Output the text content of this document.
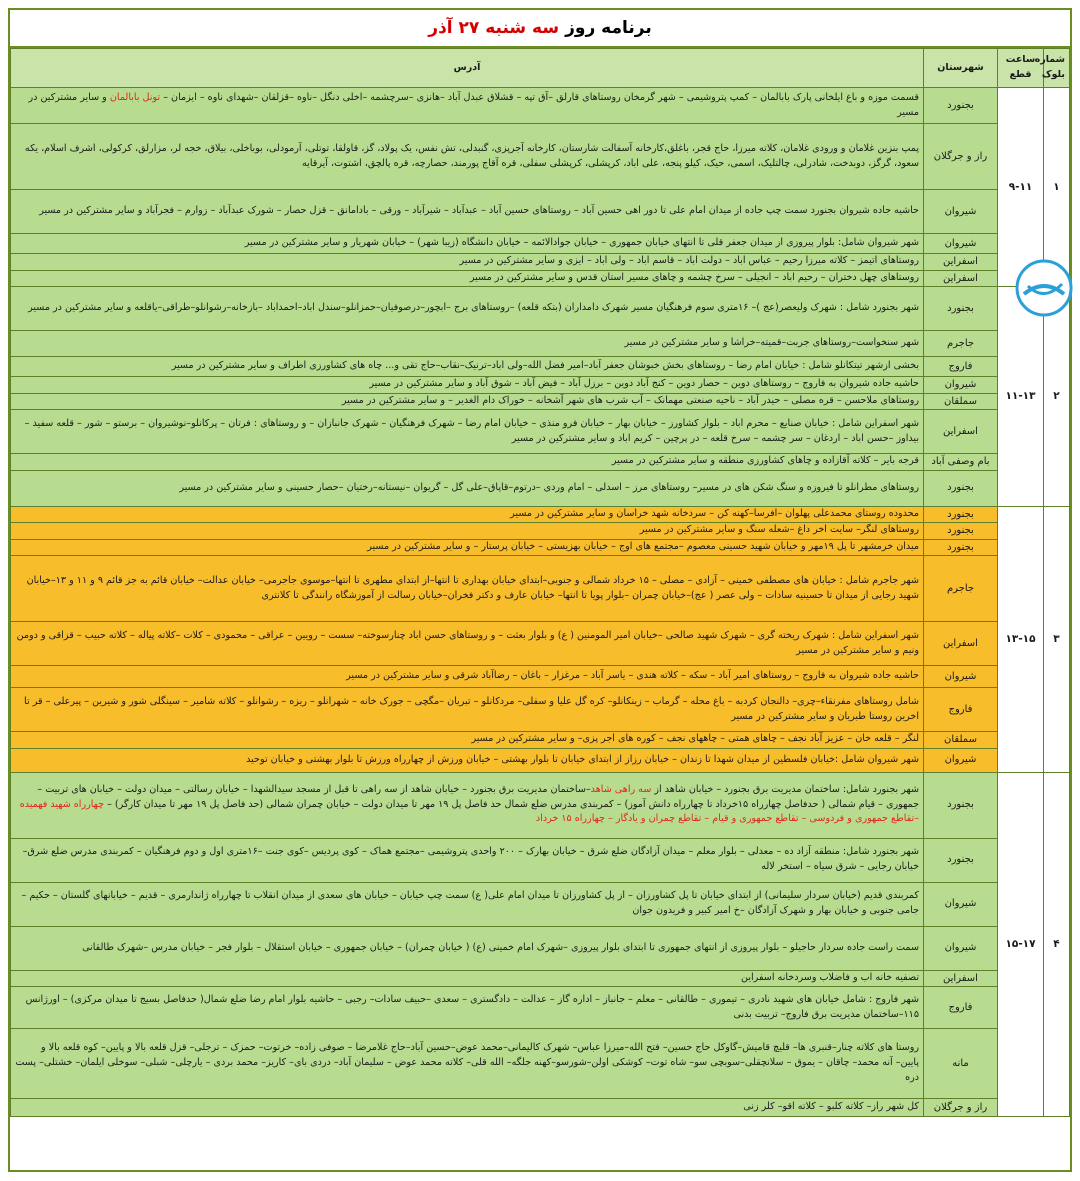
برنامه روز
سه شنبه ۲۷ آذر
شماره بلوک	ساعت قطع	شهرستان	آدرس
۱	۹-۱۱	بجنورد	قسمت موزه و باغ ایلخانی پارک بابالمان – کمپ پتروشیمی – شهر گرمخان روستاهای قارلق –آق تپه – قشلاق عبدل آباد –هانزی –سرچشمه –اخلی دنگل –ناوه –قزلقان –شهدای ناوه – ایزمان – تونل بابالمان و سایر مشترکین در مسیر
		راز و جرگلان	پمپ بنزین غلامان و ورودی غلامان، کلاته میرزا، حاج قجر، باغلق،کارخانه آسفالت شارستان، کارخانه آجرپزی، گنبدلی، تش نفس، یک پولاد، گز، قاولقا، توتلی، آرمودلی، بوباخلی، بیلاق، خجه لر، مزارلق، کرکولی، اشرف اسلام، یکه سعود، گرگز، دوبدخت، شادرلی، چالتلیک، اسمی، حیک، کیلو پنجه، علی اباد، کرپشلی، کرپشلی سفلی، قره آقاج پورمند، حصارچه، قره پالچق، اشتوت، آیرقایه
		شیروان	حاشیه جاده شیروان بجنورد سمت چپ جاده از میدان امام علی تا دور اهی حسین آباد – روستاهای حسین آباد – عبدآباد – شیرآباد – ورقی – بادامانق – قزل حصار – شورک عبدآباد – زوارم – فجرآباد و سایر مشترکین در مسیر
		شیروان	شهر شیروان شامل: بلوار پیروزی از میدان جعفر قلی تا انتهای خیابان جمهوری – خیابان جوادالائمه – خیابان دانشگاه (زیبا شهر) – خیابان شهریار و سایر مشترکین در مسیر
		اسفراین	روستاهای اتیمز – کلاته میرزا رحیم – عباس اباد – دولت اباد – قاسم اباد – ولی اباد – ایزی و سایر مشترکین در مسیر
		اسفراین	روستاهای چهل دختران – رحیم اباد – انجیلی – سرخ چشمه و چاهای مسیر استان قدس و سایر مشترکین در مسیر
۲	۱۱-۱۳	بجنورد	شهر بجنورد شامل : شهرک ولیعصر(عج )– ۱۶متری سوم فرهنگیان مسیر شهرک دامداران (بتکه قلعه) –روستاهای برج –ابچور–درصوفیان–حمزانلو–سندل اباد–احمداباد –بازخانه–رشوانلو–طراقی–یاقلعه و سایر مشترکین در مسیر
		جاجرم	شهر سنخواست–روستاهای جربت–قمیته–خراشا و سایر مشترکین در مسیر
		فاروج	بخشی ازشهر تیتکانلو شامل : خیابان امام رضا – روستاهای بخش خبوشان جعفر آباد–امیر فضل الله–ولی اباد–ترنیک–نقاب–حاج تقی و... چاه های کشاورزی اطراف و سایر مشترکین در مسیر
		شیروان	حاشیه جاده شیروان به فاروج – روستاهای دوین – حصار دوین – کنج آباد دوین – برزل آباد – فیض آباد – شوق آباد و سایر مشترکین در مسیر
		سملقان	روستاهای ملاحسن – قره مصلی – حیدر آباد – ناحیه صنعتی مهمانک – آب شرب های شهر آشخانه – خوراک دام الغدیر – و سایر مشترکین در مسیر
		اسفراین	شهر اسفراین شامل : خیابان صنایع – محرم اباد – بلوار کشاورز – خیابان بهار – خیابان فرو منذی – خیابان امام رضا – شهرک فرهنگیان – شهرک جانبازان – و روستاهای : فرتان – پرکانلو–نوشیروان – برستو – شور – قلعه سفید – بیداوز –حسن اباد – اردغان – سر چشمه – سرخ قلعه – در پرچین – کریم اباد و سایر مشترکین در مسیر
		بام وصفی آباد	قرجه بایر – کلاته آقازاده و چاهای کشاورزی منطقه و سایر مشترکین در مسیر
		بجنورد	روستاهای مطرانلو تا فیروزه و سنگ شکن های در مسیر– روستاهای مرز – اسدلی – امام وردی –درتوم–قاپاق–علی گل – گریوان –نیستانه–رختیان –حصار حسینی و سایر مشترکین در مسیر
۳	۱۳-۱۵	بجنورد	محدوده روستای محمدعلی پهلوان –افرسا–کهنه کن – سردخانه شهد خراسان و سایر مشترکین در مسیر
		بجنورد	روستاهای لنگر– سایت اخر داغ –شعله سنگ و سایر مشترکین در مسیر
		بجنورد	میدان خرمشهر تا پل ۱۹مهر و خیابان شهید حسینی معصوم –مجتمع های اوج – خیابان بهزیستی – خیابان پرستار – و سایر مشترکین در مسیر
		جاجرم	شهر جاجرم شامل : خیابان های مصطفی خمینی – آزادی – مصلی – ۱۵ خرداد شمالی و جنوبی–ابتدای خیابان بهداری تا انتها–از ابتدای مطهری تا انتها–موسوی جاجرمی– خیابان عدالت– خیابان قائم به جز قائم ۹ و ۱۱ و ۱۳–خیابان شهید رجایی از میدان تا حسینیه سادات – ولی عصر ( عج)–خیابان چمران –بلوار پویا تا انتها– خیابان عارف و دکتر فخران–خیابان رسالت از آموزشگاه رانندگی تا کلانتری
		اسفراین	شهر اسفراین شامل : شهرک ریخته گری – شهرک شهید صالحی –خیابان امیر المومنین ( ع) و بلوار بعثت – و روستاهای حسن اباد چنارسوخته– سست – رویین – عراقی – محمودی – کلات –کلاته پیاله – کلاته حبیب – قزاقی و دومن ونیم و سایر مشترکین در مسیر
		شیروان	حاشیه جاده شیروان به فاروج – روستاهای امیر آباد – سکه – کلاته هندی – یاسر آباد – مرغزار – باغان – رضاآباد شرقی و سایر مشترکین در مسیر
		فاروج	شامل روستاهای مفرنقاء–چری– دالنجان کردبه – باغ محله – گرماب – زینکانلو– کره گل علیا و سفلی– مردکانلو – تبریان –مگچی – جورک خانه – شهرانلو – ریزه – رشوانلو – کلاته شامیر – سینگلی شور و شیرین – پیرعلی – قر تا اخرین روستا طبریان و سایر مشترکین در مسیر
		سملقان	لنگر – قلعه خان – عزیز آباد نجف – چاهای همتی – چاههای نجف – کوره های اجر پزی– و سایر مشترکین در مسیر
		شیروان	شهر شیروان شامل :خیابان فلسطین از میدان شهدا تا زندان – خیابان رزاز از ابتدای خیابان تا بلوار بهشتی – خیابان ورزش از چهارراه ورزش تا بلوار بهشتی و خیابان توحید
۴	۱۵-۱۷	بجنورد	شهر بجنورد شامل: ساختمان مدیریت برق بجنورد – خیابان شاهد از سه راهی شاهد–ساختمان مدیریت برق بجنورد – خیابان شاهد از سه راهی تا قبل از مسجد سیدالشهدا – خیابان رسالتی – میدان دولت – خیابان های تربیت – جمهوری – قیام شمالی ( حدفاصل چهارراه ۱۵خرداد تا چهارراه دانش آموز) – کمربندی مدرس ضلع شمال حد فاصل پل ۱۹ مهر تا میدان دولت – خیابان چمران شمالی (حد فاصل پل ۱۹ مهر تا میدان کارگر) – چهارراه شهید فهمیده –تقاطع جمهوری و فردوسی – تقاطع جمهوری و قیام – تقاطع چمران و یادگار – چهارراه ۱۵ خرداد
		بجنورد	شهر بجنورد شامل: منطقه آزاد ده – معدلی – بلوار معلم – میدان آزادگان ضلع شرق – خیابان بهارک – ۲۰۰ واحدی پتروشیمی –مجتمع هماک – کوی پردیس –کوی جنت –۱۶متری اول و دوم فرهنگیان – کمربندی مدرس ضلع شرق– خیابان رجایی – شرق سیاه – استخر لاله
		شیروان	کمربندی قدیم (خیابان سردار سلیمانی) از ابتدای خیابان تا پل کشاورزان – از پل کشاورزان تا میدان امام علی( ع) سمت چپ خیابان – خیابان های سعدی از میدان انقلاب تا چهارراه ژاندارمری – قدیم – خیابانهای گلستان – حکیم – جامی جنوبی و خیابان بهار و شهرک آزادگان –خ امیر کبیر و فریدون جوان
		شیروان	سمت راست جاده سردار حاجیلو – بلوار پیروزی از انتهای جمهوری تا ابتدای بلوار پیروزی –شهرک امام خمینی (ع) ( خیابان چمران) – خیابان جمهوری – خیابان استقلال – بلوار فجر – خیابان مدرس –شهرک طالقانی
		اسفراین	تصفیه خانه اب و فاضلاب وسردخانه اسفراین
		فاروج	شهر فاروج : شامل خیابان های شهید نادری – تیموری – طالقانی – معلم – جانباز – اداره گاز – عدالت – دادگستری – سعدی –حبیف سادات– رجبی – حاشیه بلوار امام رضا ضلع شمال( حدفاصل بسیج تا میدان مرکزی) – اورژانس ۱۱۵–ساختمان مدیریت برق فاروج– تربیت بدنی
		مانه	روستا های کلاته چنار–قنبری ها– قلیچ قامیش–گاوکل حاج حسین– فتح الله–میرزا عباس– شهرک کالیمانی–محمد عوض–حسین آباد–حاج غلامرضا – صوفی زاده– خرتوت– حمزک – ترجلی– قزل قلعه بالا و پایین– کوه قلعه بالا و پایین– آنه محمد– چاقان – یموق – سلانچقلی–سوبچی سو– شاه توت– کوشکی اولن–شورسو–کهنه جلگه– الله قلی– کلاته محمد عوض – سلیمان آباد– دردی بای– کاریز– محمد بردی – یارچلی– شبلی– سوخلی ایلمان– خشتلی– پست دره
		راز و جرگلان	کل شهر راز– کلاته کلبو – کلاته اقو– کلر زنی
